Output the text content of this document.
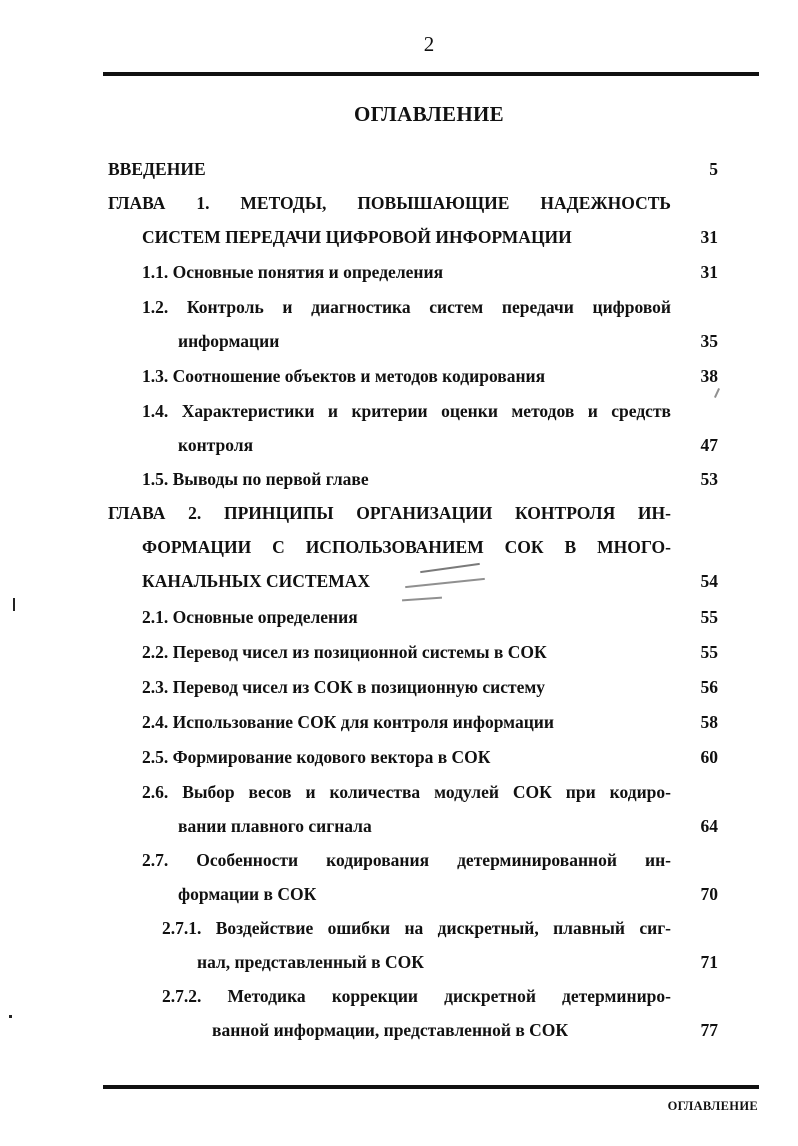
2
ОГЛАВЛЕНИЕ
ВВЕДЕНИЕ	5
ГЛАВА 1. МЕТОДЫ, ПОВЫШАЮЩИЕ НАДЕЖНОСТЬ
СИСТЕМ ПЕРЕДАЧИ ЦИФРОВОЙ ИНФОРМАЦИИ	31
1.1. Основные понятия и определения	31
1.2. Контроль и диагностика систем передачи цифровой
информации	35
1.3. Соотношение объектов и методов кодирования	38
1.4. Характеристики и критерии оценки методов и средств
контроля	47
1.5. Выводы по первой главе	53
ГЛАВА 2. ПРИНЦИПЫ ОРГАНИЗАЦИИ КОНТРОЛЯ ИН-
ФОРМАЦИИ С ИСПОЛЬЗОВАНИЕМ СОК В МНОГО-
КАНАЛЬНЫХ СИСТЕМАХ	54
2.1. Основные определения	55
2.2. Перевод чисел из позиционной системы в СОК	55
2.3. Перевод чисел из СОК в позиционную систему	56
2.4. Использование СОК для контроля информации	58
2.5. Формирование кодового вектора в СОК	60
2.6. Выбор весов и количества модулей СОК при кодиро-
вании плавного сигнала	64
2.7. Особенности кодирования детерминированной ин-
формации в СОК	70
2.7.1. Воздействие ошибки на дискретный, плавный сиг-
нал, представленный в СОК	71
2.7.2. Методика коррекции дискретной детерминиро-
ванной информации, представленной в СОК	77
ОГЛАВЛЕНИЕ
